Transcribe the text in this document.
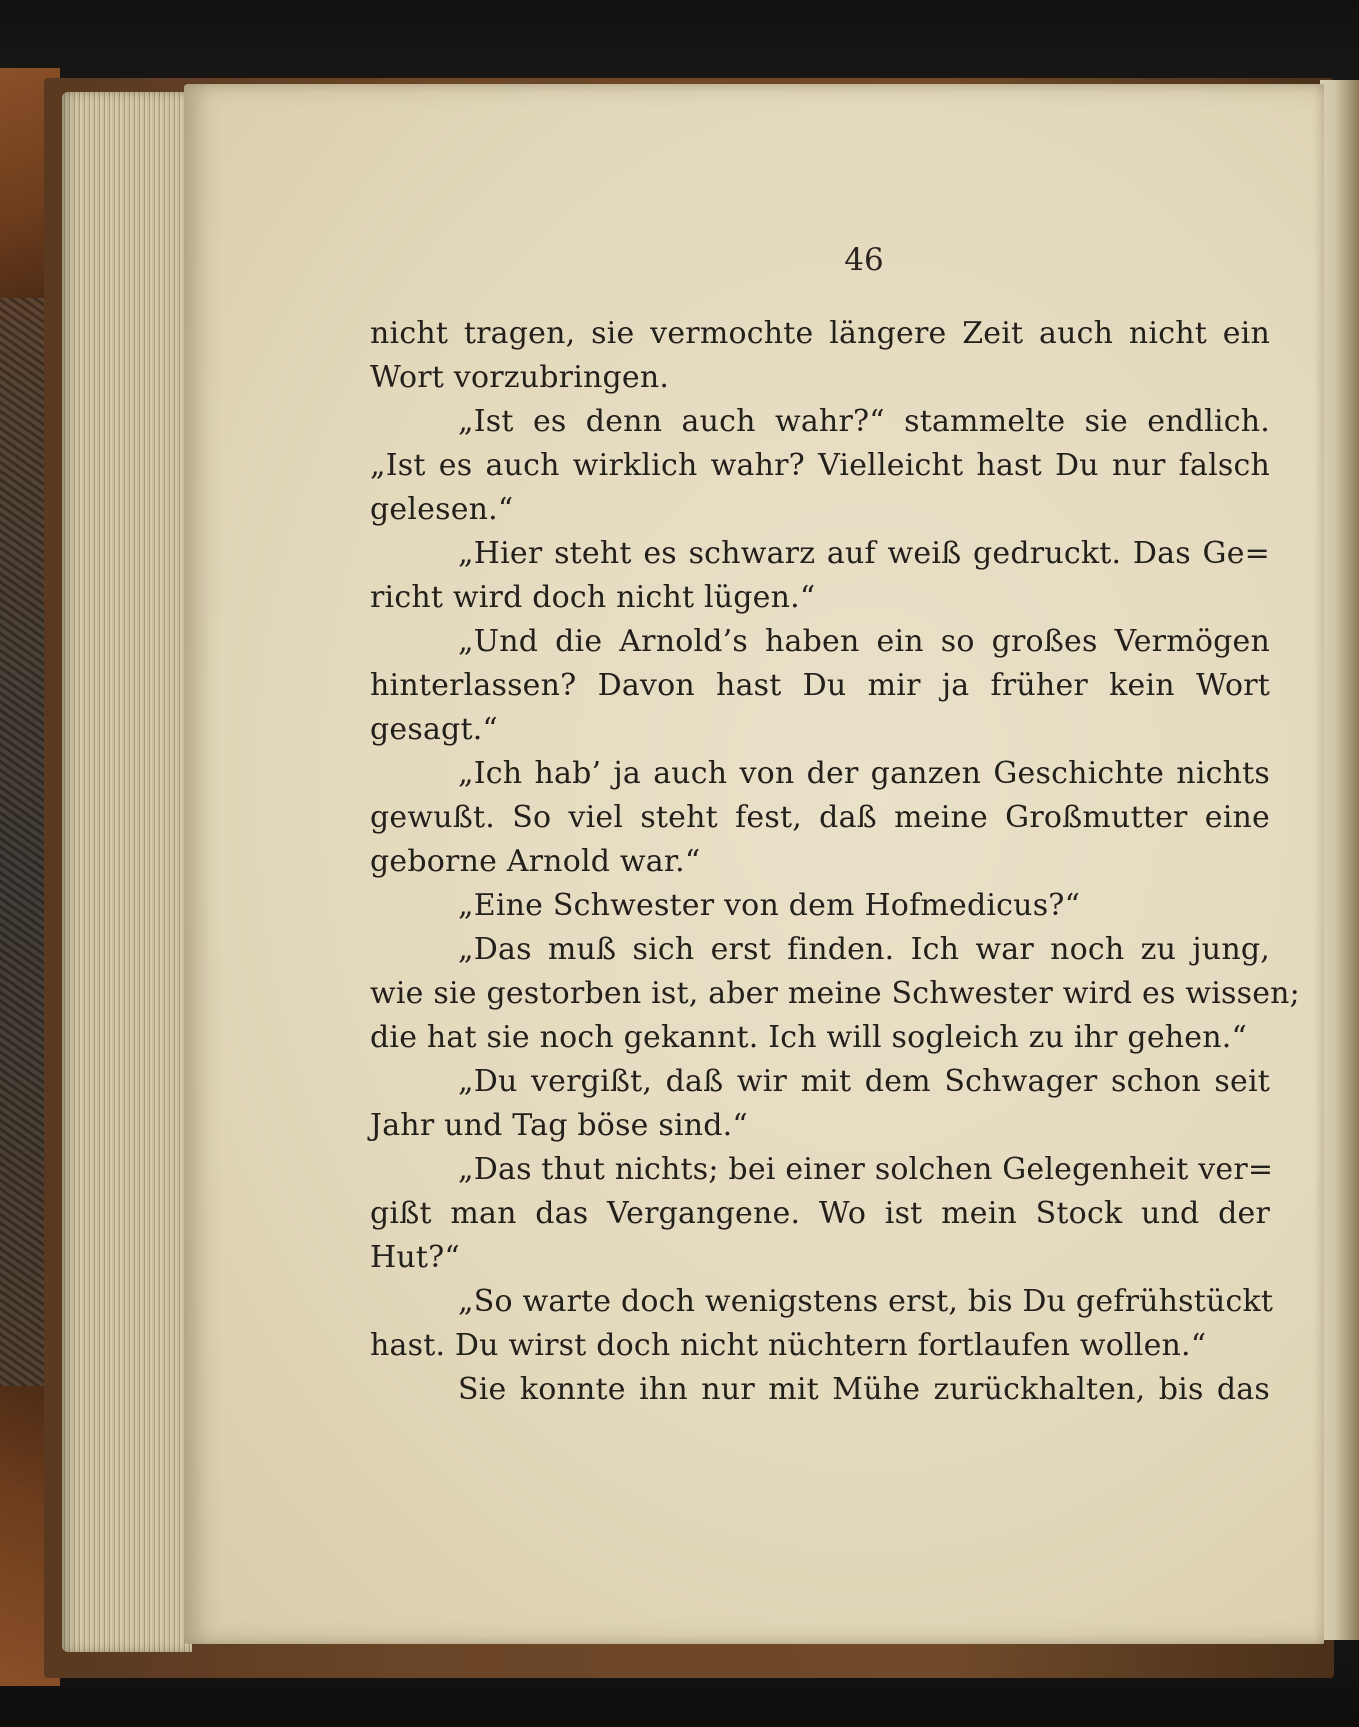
46
nicht tragen, sie vermochte längere Zeit auch nicht ein
Wort vorzubringen.
„Ist es denn auch wahr?“ stammelte sie endlich.
„Ist es auch wirklich wahr? Vielleicht hast Du nur falsch
gelesen.“
„Hier steht es schwarz auf weiß gedruckt. Das Ge=
richt wird doch nicht lügen.“
„Und die Arnold’s haben ein so großes Vermögen
hinterlassen? Davon hast Du mir ja früher kein Wort
gesagt.“
„Ich hab’ ja auch von der ganzen Geschichte nichts
gewußt. So viel steht fest, daß meine Großmutter eine
geborne Arnold war.“
„Eine Schwester von dem Hofmedicus?“
„Das muß sich erst finden. Ich war noch zu jung,
wie sie gestorben ist, aber meine Schwester wird es wissen;
die hat sie noch gekannt. Ich will sogleich zu ihr gehen.“
„Du vergißt, daß wir mit dem Schwager schon seit
Jahr und Tag böse sind.“
„Das thut nichts; bei einer solchen Gelegenheit ver=
gißt man das Vergangene. Wo ist mein Stock und der
Hut?“
„So warte doch wenigstens erst, bis Du gefrühstückt
hast. Du wirst doch nicht nüchtern fortlaufen wollen.“
Sie konnte ihn nur mit Mühe zurückhalten, bis das
